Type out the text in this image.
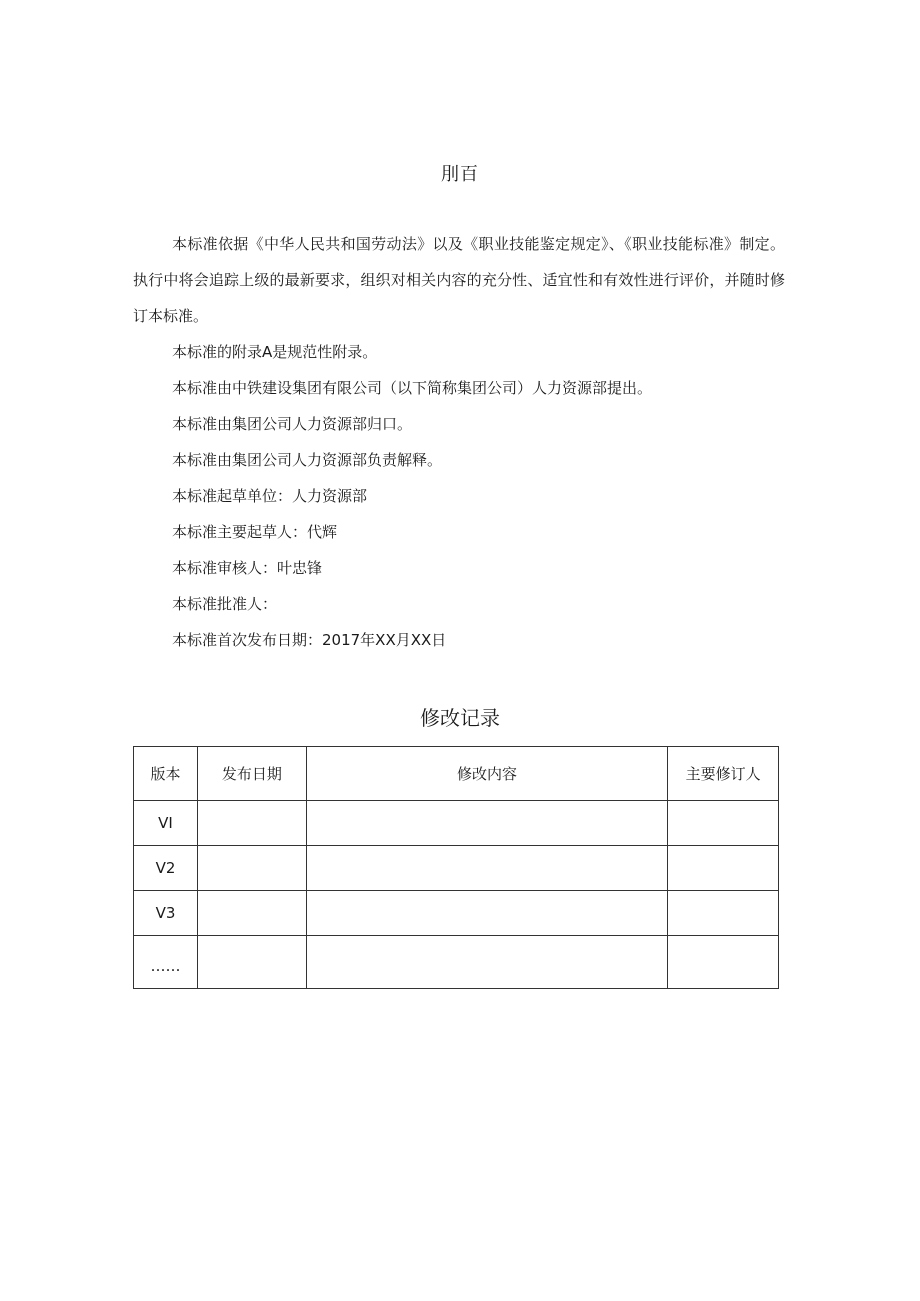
刖百

本标准依据《中华人民共和国劳动法》以及《职业技能鉴定规定》、《职业技能标准》制定。执行中将会追踪上级的最新要求，组织对相关内容的充分性、适宜性和有效性进行评价，并随时修订本标准。

本标准的附录A是规范性附录。

本标准由中铁建设集团有限公司（以下简称集团公司）人力资源部提出。

本标准由集团公司人力资源部归口。

本标准由集团公司人力资源部负责解释。

本标准起草单位：人力资源部

本标准主要起草人：代辉

本标准审核人：叶忠锋

本标准批准人：

本标准首次发布日期：2017年XX月XX日

修改记录
版本	发布日期	修改内容	主要修订人
VI			
V2			
V3			
……			
